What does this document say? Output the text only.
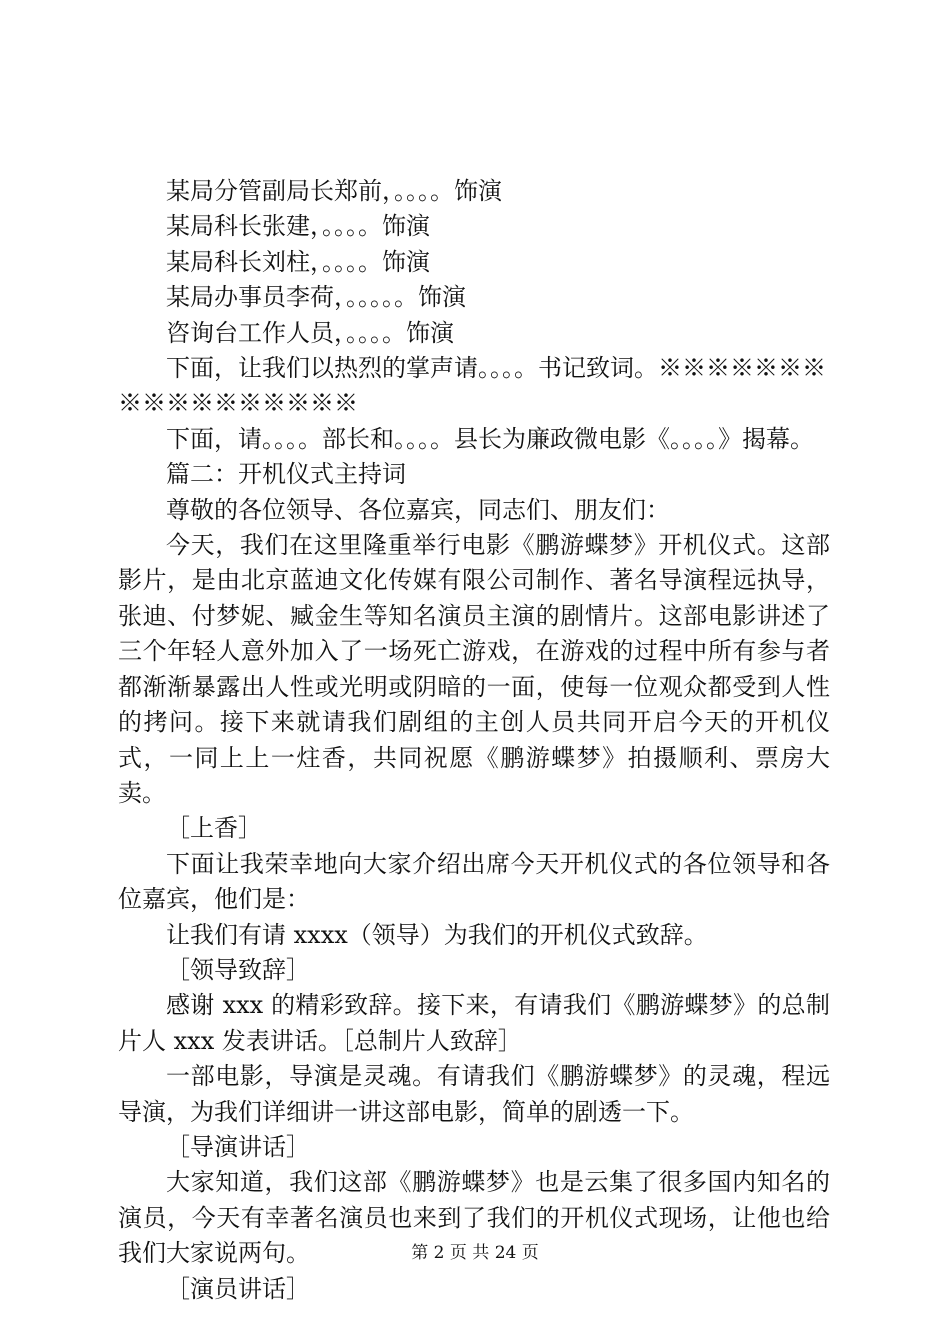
某局分管副局长郑前，。。。。饰演

某局科长张建，。。。。饰演

某局科长刘柱，。。。。饰演

某局办事员李荷，。。。。。饰演

咨询台工作人员，。。。。饰演

下面，让我们以热烈的掌声请。。。。书记致词。※※※※※※※※※※※※※※※※※

下面，请。。。。部长和。。。。县长为廉政微电影《。。。。》揭幕。

篇二：开机仪式主持词

尊敬的各位领导、各位嘉宾，同志们、朋友们：

今天，我们在这里隆重举行电影《鹏游蝶梦》开机仪式。这部影片，是由北京蓝迪文化传媒有限公司制作、著名导演程远执导，张迪、付梦妮、臧金生等知名演员主演的剧情片。这部电影讲述了三个年轻人意外加入了一场死亡游戏，在游戏的过程中所有参与者都渐渐暴露出人性或光明或阴暗的一面，使每一位观众都受到人性的拷问。接下来就请我们剧组的主创人员共同开启今天的开机仪式，一同上上一炷香，共同祝愿《鹏游蝶梦》拍摄顺利、票房大卖。

［上香］

下面让我荣幸地向大家介绍出席今天开机仪式的各位领导和各位嘉宾，他们是：

让我们有请 xxxx（领导）为我们的开机仪式致辞。

［领导致辞］

感谢 xxx 的精彩致辞。接下来，有请我们《鹏游蝶梦》的总制片人 xxx 发表讲话。［总制片人致辞］

一部电影，导演是灵魂。有请我们《鹏游蝶梦》的灵魂，程远导演，为我们详细讲一讲这部电影，简单的剧透一下。

［导演讲话］

大家知道，我们这部《鹏游蝶梦》也是云集了很多国内知名的演员，今天有幸著名演员也来到了我们的开机仪式现场，让他也给我们大家说两句。

［演员讲话］

第 2 页 共 24 页
